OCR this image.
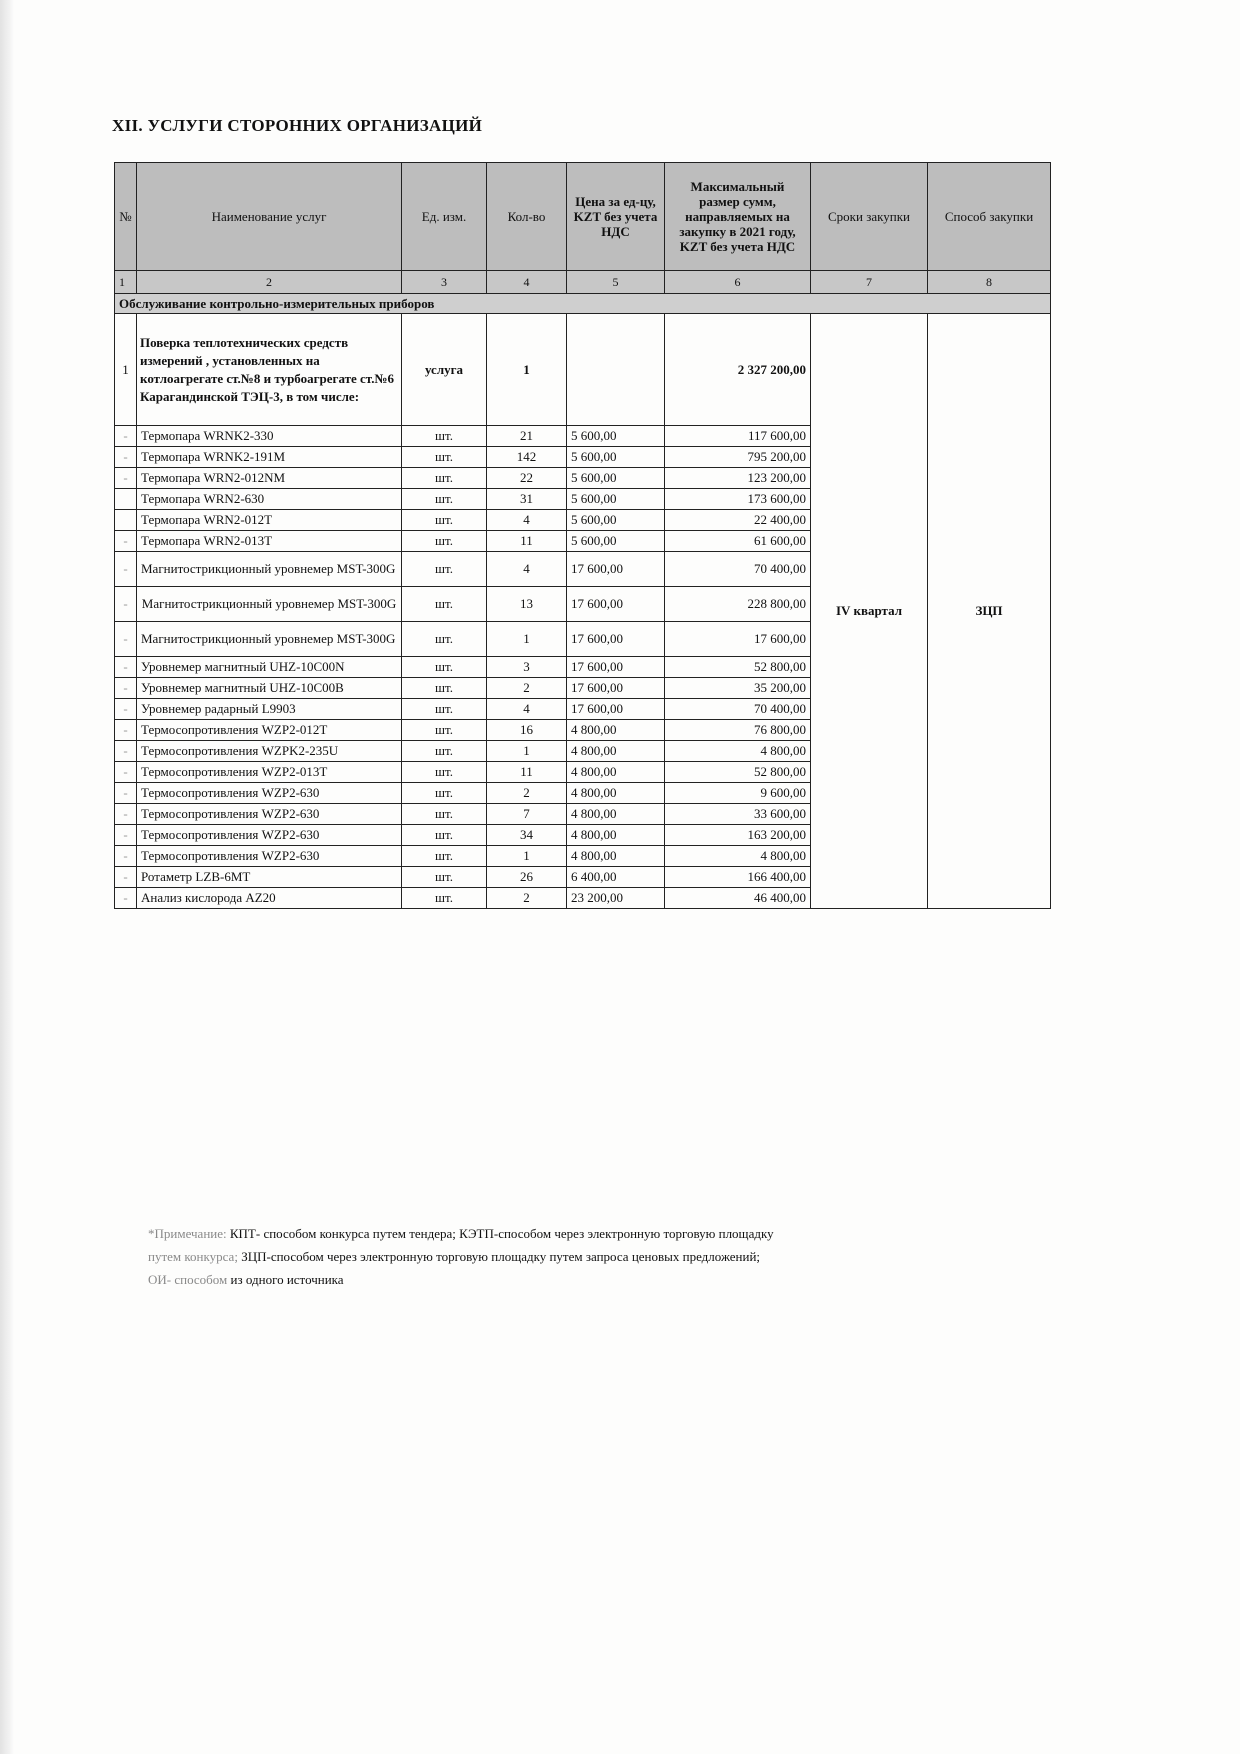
XII. УСЛУГИ СТОРОННИХ ОРГАНИЗАЦИЙ
№	Наименование услуг	Ед. изм.	Кол-во	Цена за ед-цу, KZT без учета НДС	Максимальный размер сумм, направляемых на закупку в 2021 году, KZT без учета НДС	Сроки закупки	Способ закупки
1	2	3	4	5	6	7	8
Обслуживание контрольно-измерительных приборов							
1	Поверка теплотехнических средств измерений , установленных на котлоагрегате ст.№8 и турбоагрегате ст.№6 Карагандинской ТЭЦ-3, в том числе:	услуга	1		2 327 200,00	IV квартал	ЗЦП
-	Термопара WRNK2-330	шт.	21	5 600,00	117 600,00		
-	Термопара WRNK2-191M	шт.	142	5 600,00	795 200,00		
-	Термопара WRN2-012NM	шт.	22	5 600,00	123 200,00		
	Термопара WRN2-630	шт.	31	5 600,00	173 600,00		
	Термопара WRN2-012T	шт.	4	5 600,00	22 400,00		
-	Термопара WRN2-013T	шт.	11	5 600,00	61 600,00		
-	Магнитострикционный уровнемер MST-300G	шт.	4	17 600,00	70 400,00		
-	Магнитострикционный уровнемер MST-300G	шт.	13	17 600,00	228 800,00		
-	Магнитострикционный уровнемер MST-300G	шт.	1	17 600,00	17 600,00		
-	Уровнемер магнитный UHZ-10C00N	шт.	3	17 600,00	52 800,00		
-	Уровнемер магнитный UHZ-10C00B	шт.	2	17 600,00	35 200,00		
-	Уровнемер радарный L9903	шт.	4	17 600,00	70 400,00		
-	Термосопротивления WZP2-012T	шт.	16	4 800,00	76 800,00		
-	Термосопротивления WZPK2-235U	шт.	1	4 800,00	4 800,00		
-	Термосопротивления WZP2-013T	шт.	11	4 800,00	52 800,00		
-	Термосопротивления WZP2-630	шт.	2	4 800,00	9 600,00		
-	Термосопротивления WZP2-630	шт.	7	4 800,00	33 600,00		
-	Термосопротивления WZP2-630	шт.	34	4 800,00	163 200,00		
-	Термосопротивления WZP2-630	шт.	1	4 800,00	4 800,00		
-	Ротаметр LZB-6MT	шт.	26	6 400,00	166 400,00		
-	Анализ кислорода AZ20	шт.	2	23 200,00	46 400,00		
*Примечание: КПТ- способом конкурса путем тендера; КЭТП-способом через электронную торговую площадку
путем конкурса; ЗЦП-способом через электронную торговую площадку путем запроса ценовых предложений;
ОИ- способом из одного источника
